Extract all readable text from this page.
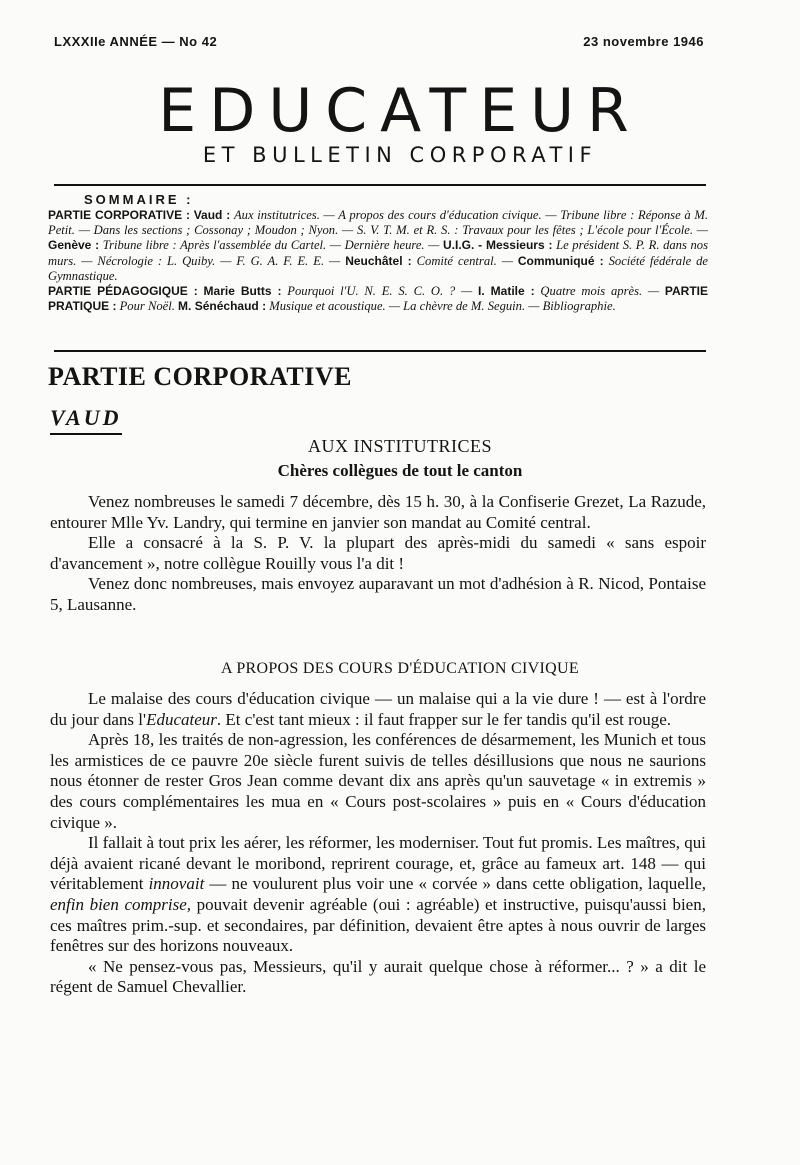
LXXXIIe ANNÉE — No 42	23 novembre 1946
EDUCATEUR
ET BULLETIN CORPORATIF
SOMMAIRE :

PARTIE CORPORATIVE : Vaud : Aux institutrices. — A propos des cours d'éducation civique. — Tribune libre : Réponse à M. Petit. — Dans les sections ; Cossonay ; Moudon ; Nyon. — S. V. T. M. et R. S. : Travaux pour les fêtes ; L'école pour l'École. — Genève : Tribune libre : Après l'assemblée du Cartel. — Dernière heure. — U.I.G. - Messieurs : Le président S. P. R. dans nos murs. — Nécrologie : L. Quiby. — F. G. A. F. E. E. — Neuchâtel : Comité central. — Communiqué : Société fédérale de Gymnastique.

PARTIE PÉDAGOGIQUE : Marie Butts : Pourquoi l'U. N. E. S. C. O. ? — I. Matile : Quatre mois après. — PARTIE PRATIQUE : Pour Noël. M. Sénéchaud : Musique et acoustique. — La chèvre de M. Seguin. — Bibliographie.

PARTIE CORPORATIVE
VAUD
AUX INSTITUTRICES
Chères collègues de tout le canton

Venez nombreuses le samedi 7 décembre, dès 15 h. 30, à la Confiserie Grezet, La Razude, entourer Mlle Yv. Landry, qui termine en janvier son mandat au Comité central.

Elle a consacré à la S. P. V. la plupart des après-midi du samedi « sans espoir d'avancement », notre collègue Rouilly vous l'a dit !

Venez donc nombreuses, mais envoyez auparavant un mot d'adhésion à R. Nicod, Pontaise 5, Lausanne.

A PROPOS DES COURS D'ÉDUCATION CIVIQUE

Le malaise des cours d'éducation civique — un malaise qui a la vie dure ! — est à l'ordre du jour dans l'Educateur. Et c'est tant mieux : il faut frapper sur le fer tandis qu'il est rouge.

Après 18, les traités de non-agression, les conférences de désarmement, les Munich et tous les armistices de ce pauvre 20e siècle furent suivis de telles désillusions que nous ne saurions nous étonner de rester Gros Jean comme devant dix ans après qu'un sauvetage « in extremis » des cours complémentaires les mua en « Cours post-scolaires » puis en « Cours d'éducation civique ».

Il fallait à tout prix les aérer, les réformer, les moderniser. Tout fut promis. Les maîtres, qui déjà avaient ricané devant le moribond, reprirent courage, et, grâce au fameux art. 148 — qui véritablement innovait — ne voulurent plus voir une « corvée » dans cette obligation, laquelle, enfin bien comprise, pouvait devenir agréable (oui : agréable) et instructive, puisqu'aussi bien, ces maîtres prim.-sup. et secondaires, par définition, devaient être aptes à nous ouvrir de larges fenêtres sur des horizons nouveaux.

« Ne pensez-vous pas, Messieurs, qu'il y aurait quelque chose à réformer... ? » a dit le régent de Samuel Chevallier.
